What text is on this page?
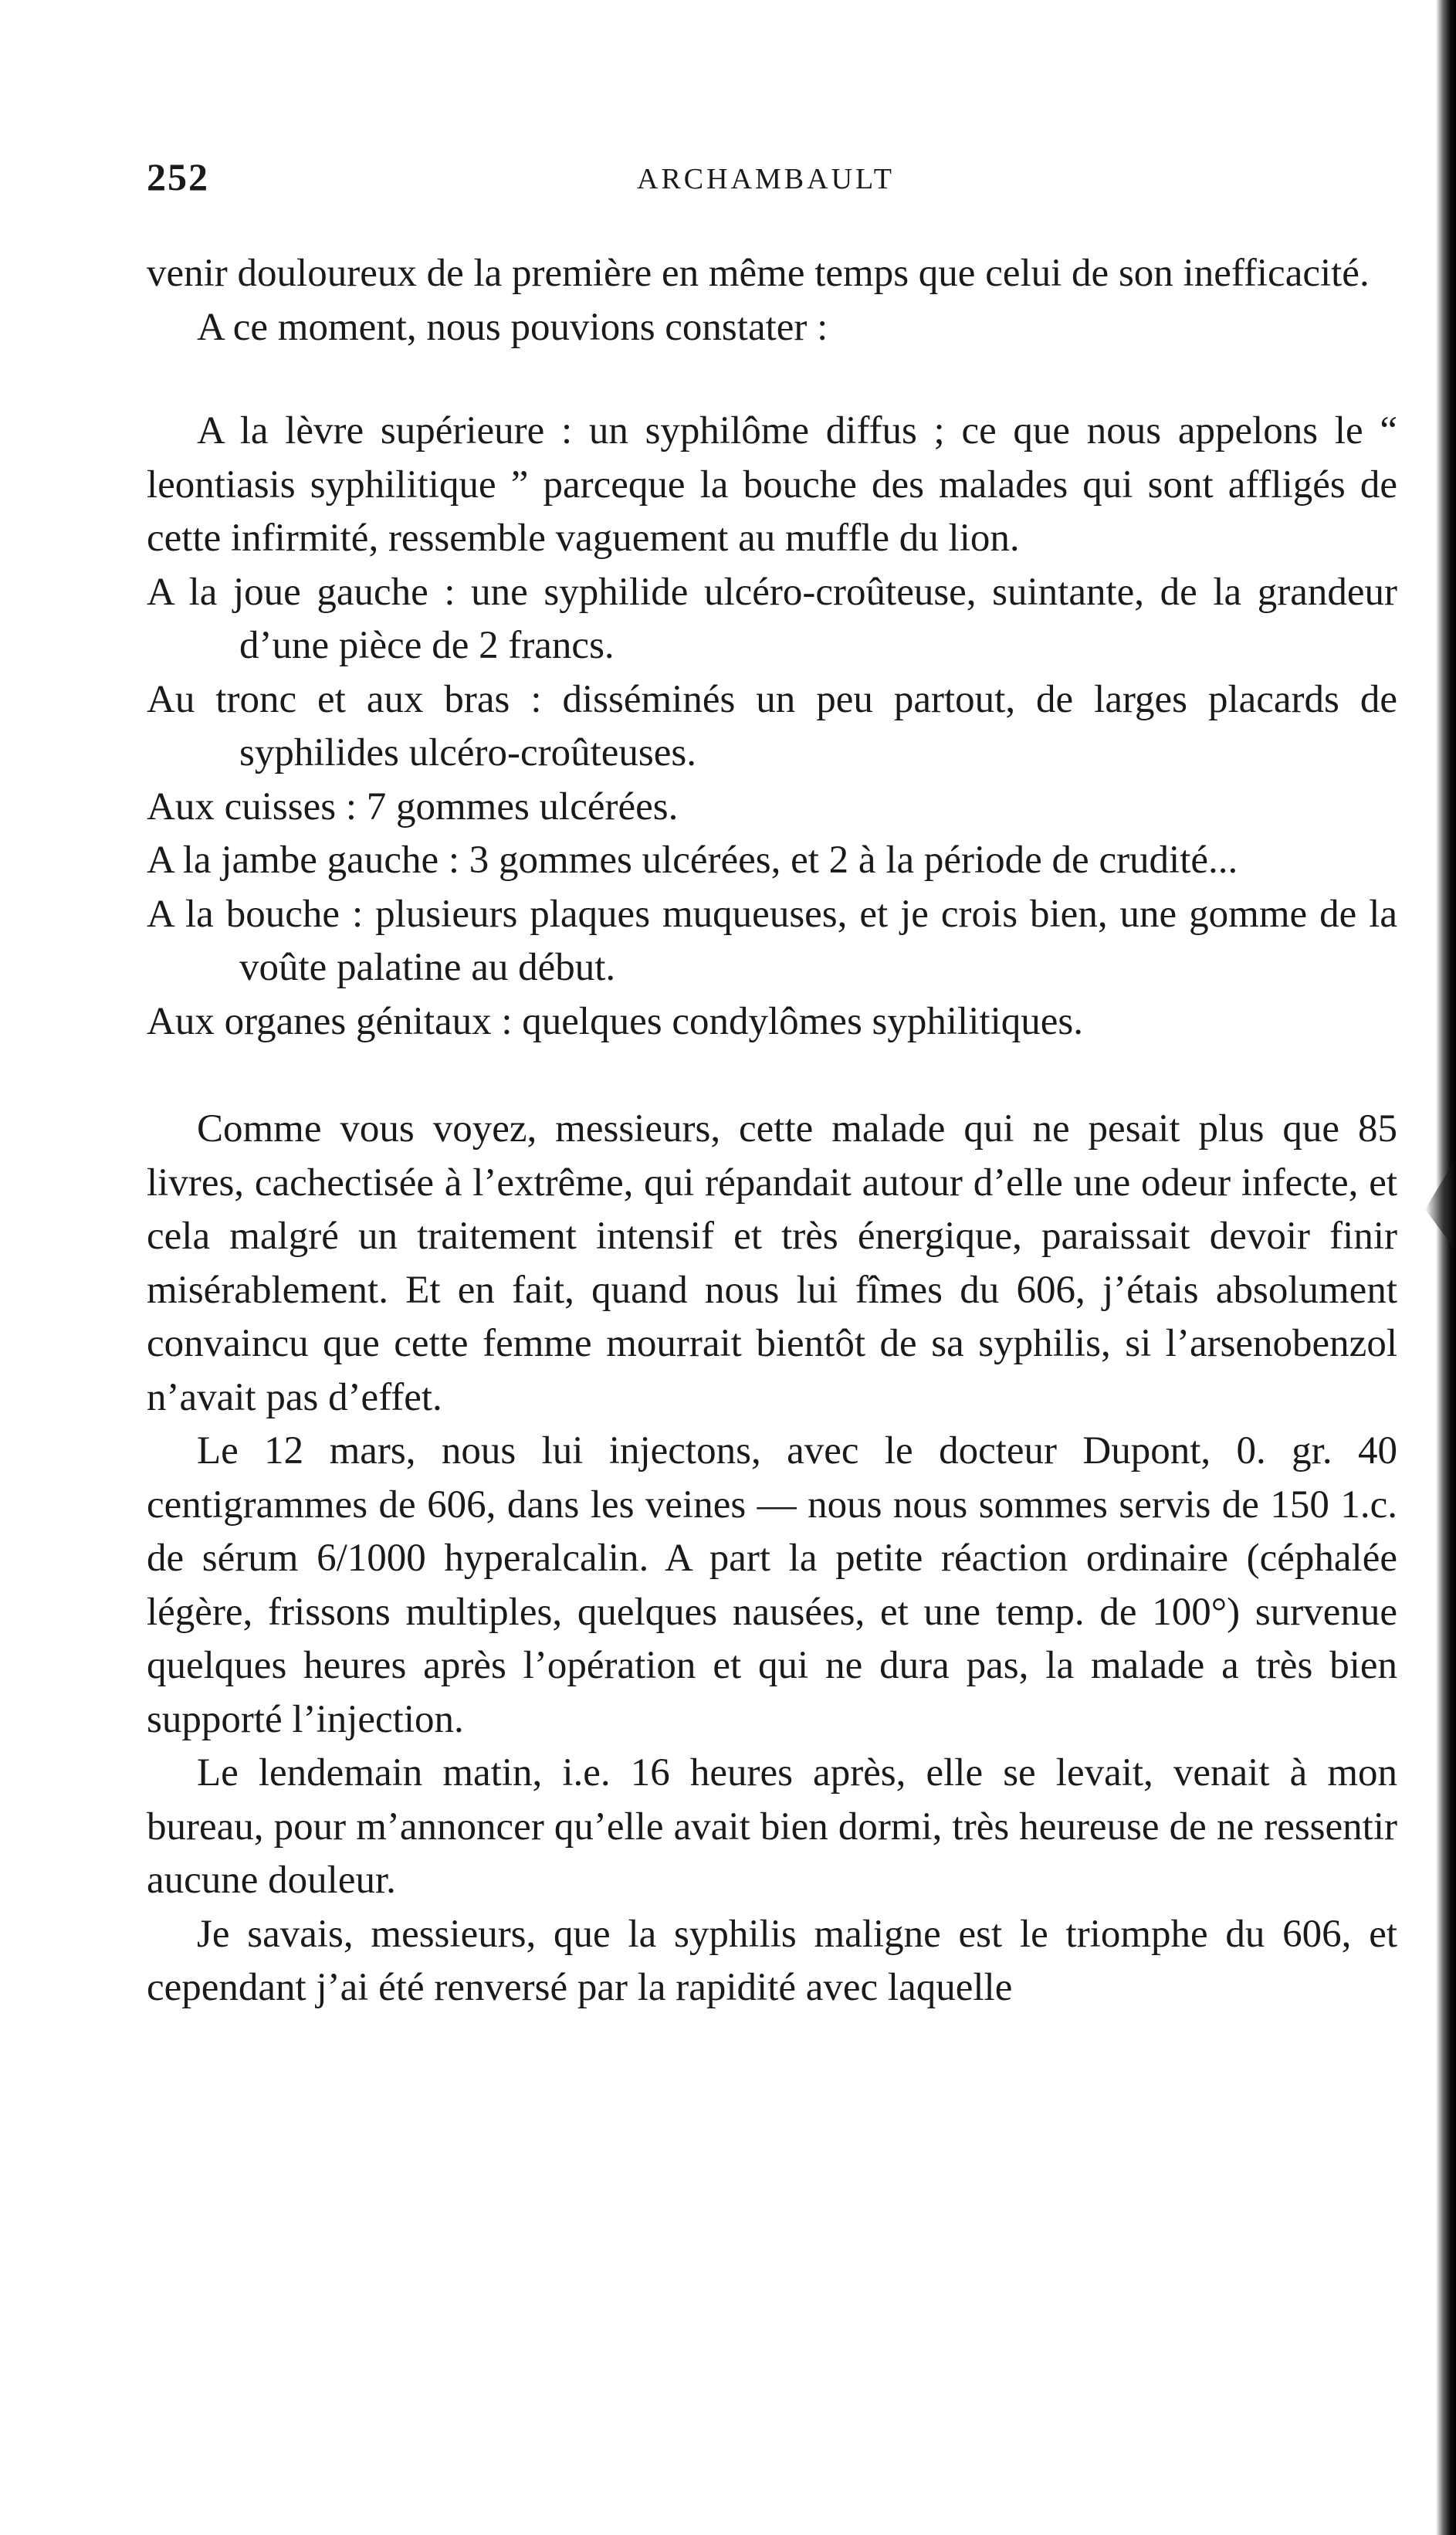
252	ARCHAMBAULT

venir douloureux de la première en même temps que celui de son inefficacité.

A ce moment, nous pouvions constater :

A la lèvre supérieure : un syphilôme diffus ; ce que nous appelons le “ leontiasis syphilitique ” parceque la bouche des malades qui sont affligés de cette infirmité, ressemble vaguement au muffle du lion.

A la joue gauche : une syphilide ulcéro-croûteuse, suintante, de la grandeur d’une pièce de 2 francs.

Au tronc et aux bras : disséminés un peu partout, de larges placards de syphilides ulcéro-croûteuses.

Aux cuisses : 7 gommes ulcérées.

A la jambe gauche : 3 gommes ulcérées, et 2 à la période de crudité...

A la bouche : plusieurs plaques muqueuses, et je crois bien, une gomme de la voûte palatine au début.

Aux organes génitaux : quelques condylômes syphilitiques.

Comme vous voyez, messieurs, cette malade qui ne pesait plus que 85 livres, cachectisée à l’extrême, qui répandait autour d’elle une odeur infecte, et cela malgré un traitement intensif et très énergique, paraissait devoir finir misérablement. Et en fait, quand nous lui fîmes du 606, j’étais absolument convaincu que cette femme mourrait bientôt de sa syphilis, si l’arsenobenzol n’avait pas d’effet.

Le 12 mars, nous lui injectons, avec le docteur Dupont, 0. gr. 40 centigrammes de 606, dans les veines — nous nous sommes servis de 150 1.c. de sérum 6/1000 hyperalcalin. A part la petite réaction ordinaire (céphalée légère, frissons multiples, quelques nausées, et une temp. de 100°) survenue quelques heures après l’opération et qui ne dura pas, la malade a très bien supporté l’injection.

Le lendemain matin, i.e. 16 heures après, elle se levait, venait à mon bureau, pour m’annoncer qu’elle avait bien dormi, très heureuse de ne ressentir aucune douleur.

Je savais, messieurs, que la syphilis maligne est le triomphe du 606, et cependant j’ai été renversé par la rapidité avec laquelle
